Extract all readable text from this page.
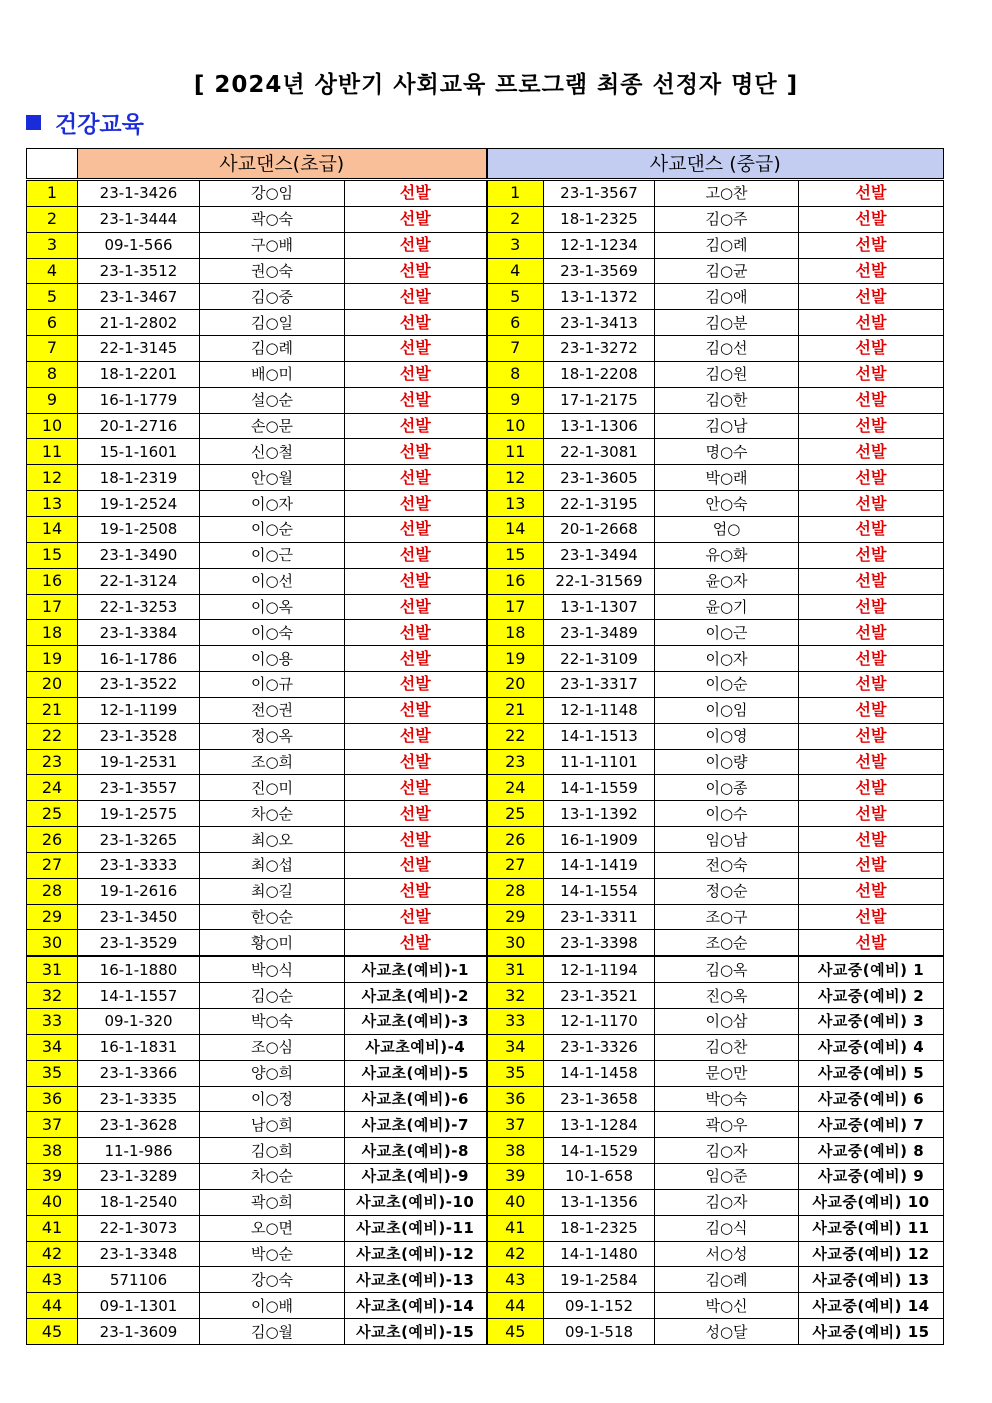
[ 2024년 상반기 사회교육 프로그램 최종 선정자 명단 ]
건강교육
	사교댄스(초급)			사교댄스 (중급)			
1	23-1-3426	강○임	선발	1	23-1-3567	고○찬	선발
2	23-1-3444	곽○숙	선발	2	18-1-2325	김○주	선발
3	09-1-566	구○배	선발	3	12-1-1234	김○례	선발
4	23-1-3512	권○숙	선발	4	23-1-3569	김○균	선발
5	23-1-3467	김○중	선발	5	13-1-1372	김○애	선발
6	21-1-2802	김○일	선발	6	23-1-3413	김○분	선발
7	22-1-3145	김○례	선발	7	23-1-3272	김○선	선발
8	18-1-2201	배○미	선발	8	18-1-2208	김○원	선발
9	16-1-1779	설○순	선발	9	17-1-2175	김○한	선발
10	20-1-2716	손○문	선발	10	13-1-1306	김○남	선발
11	15-1-1601	신○철	선발	11	22-1-3081	명○수	선발
12	18-1-2319	안○월	선발	12	23-1-3605	박○래	선발
13	19-1-2524	이○자	선발	13	22-1-3195	안○숙	선발
14	19-1-2508	이○순	선발	14	20-1-2668	엄○	선발
15	23-1-3490	이○근	선발	15	23-1-3494	유○화	선발
16	22-1-3124	이○선	선발	16	22-1-31569	윤○자	선발
17	22-1-3253	이○옥	선발	17	13-1-1307	윤○기	선발
18	23-1-3384	이○숙	선발	18	23-1-3489	이○근	선발
19	16-1-1786	이○용	선발	19	22-1-3109	이○자	선발
20	23-1-3522	이○규	선발	20	23-1-3317	이○순	선발
21	12-1-1199	전○권	선발	21	12-1-1148	이○임	선발
22	23-1-3528	정○옥	선발	22	14-1-1513	이○영	선발
23	19-1-2531	조○희	선발	23	11-1-1101	이○량	선발
24	23-1-3557	진○미	선발	24	14-1-1559	이○종	선발
25	19-1-2575	차○순	선발	25	13-1-1392	이○수	선발
26	23-1-3265	최○오	선발	26	16-1-1909	임○남	선발
27	23-1-3333	최○섭	선발	27	14-1-1419	전○숙	선발
28	19-1-2616	최○길	선발	28	14-1-1554	정○순	선발
29	23-1-3450	한○순	선발	29	23-1-3311	조○구	선발
30	23-1-3529	황○미	선발	30	23-1-3398	조○순	선발
31	16-1-1880	박○식	사교초(예비)-1	31	12-1-1194	김○옥	사교중(예비) 1
32	14-1-1557	김○순	사교초(예비)-2	32	23-1-3521	진○옥	사교중(예비) 2
33	09-1-320	박○숙	사교초(예비)-3	33	12-1-1170	이○삼	사교중(예비) 3
34	16-1-1831	조○심	사교초예비)-4	34	23-1-3326	김○찬	사교중(예비) 4
35	23-1-3366	양○희	사교초(예비)-5	35	14-1-1458	문○만	사교중(예비) 5
36	23-1-3335	이○정	사교초(예비)-6	36	23-1-3658	박○숙	사교중(예비) 6
37	23-1-3628	남○희	사교초(예비)-7	37	13-1-1284	곽○우	사교중(예비) 7
38	11-1-986	김○희	사교초(예비)-8	38	14-1-1529	김○자	사교중(예비) 8
39	23-1-3289	차○순	사교초(예비)-9	39	10-1-658	임○준	사교중(예비) 9
40	18-1-2540	곽○희	사교초(예비)-10	40	13-1-1356	김○자	사교중(예비) 10
41	22-1-3073	오○면	사교초(예비)-11	41	18-1-2325	김○식	사교중(예비) 11
42	23-1-3348	박○순	사교초(예비)-12	42	14-1-1480	서○성	사교중(예비) 12
43	571106	강○숙	사교초(예비)-13	43	19-1-2584	김○례	사교중(예비) 13
44	09-1-1301	이○배	사교초(예비)-14	44	09-1-152	박○신	사교중(예비) 14
45	23-1-3609	김○월	사교초(예비)-15	45	09-1-518	성○달	사교중(예비) 15
